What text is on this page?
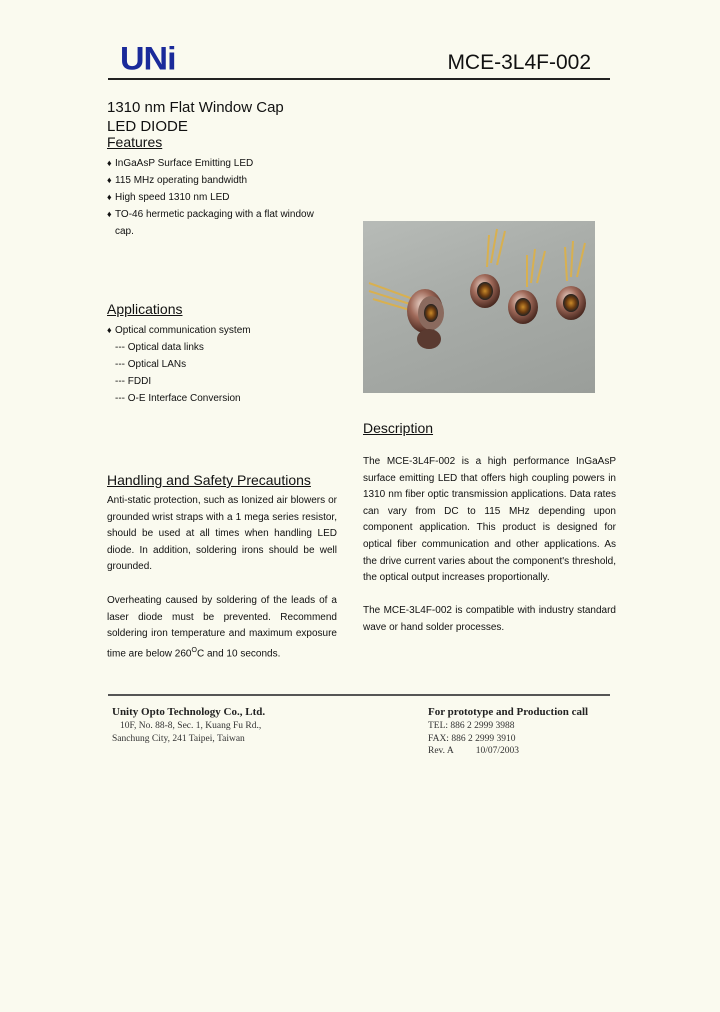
UNi	MCE-3L4F-002
1310 nm Flat Window Cap
LED DIODE
Features
♦ InGaAsP Surface Emitting LED
♦ 115 MHz operating bandwidth
♦ High speed 1310 nm LED
♦ TO-46 hermetic packaging with a flat window
cap.
Applications
♦ Optical communication system
--- Optical data links
--- Optical LANs
--- FDDI
--- O-E Interface Conversion
Description
The MCE-3L4F-002 is a high performance InGaAsP surface emitting LED that offers high coupling powers in 1310 nm fiber optic transmission applications. Data rates can vary from DC to 115 MHz depending upon component application. This product is designed for optical fiber communication and other applications. As the drive current varies about the component's threshold, the optical output increases proportionally.
The MCE-3L4F-002 is compatible with industry standard wave or hand solder processes.
Handling and Safety Precautions
Anti-static protection, such as Ionized air blowers or grounded wrist straps with a 1 mega series resistor, should be used at all times when handling LED diode. In addition, soldering irons should be well grounded.
Overheating caused by soldering of the leads of a laser diode must be prevented. Recommend soldering iron temperature and maximum exposure time are below $260^OC$ and 10 seconds.
Unity Opto Technology Co., Ltd.
10F, No. 88-8, Sec. 1, Kuang Fu Rd.,
Sanchung City, 241 Taipei, Taiwan
For prototype and Production call
TEL: 886 2 2999 3988
FAX: 886 2 2999 3910
Rev. A 10/07/2003
